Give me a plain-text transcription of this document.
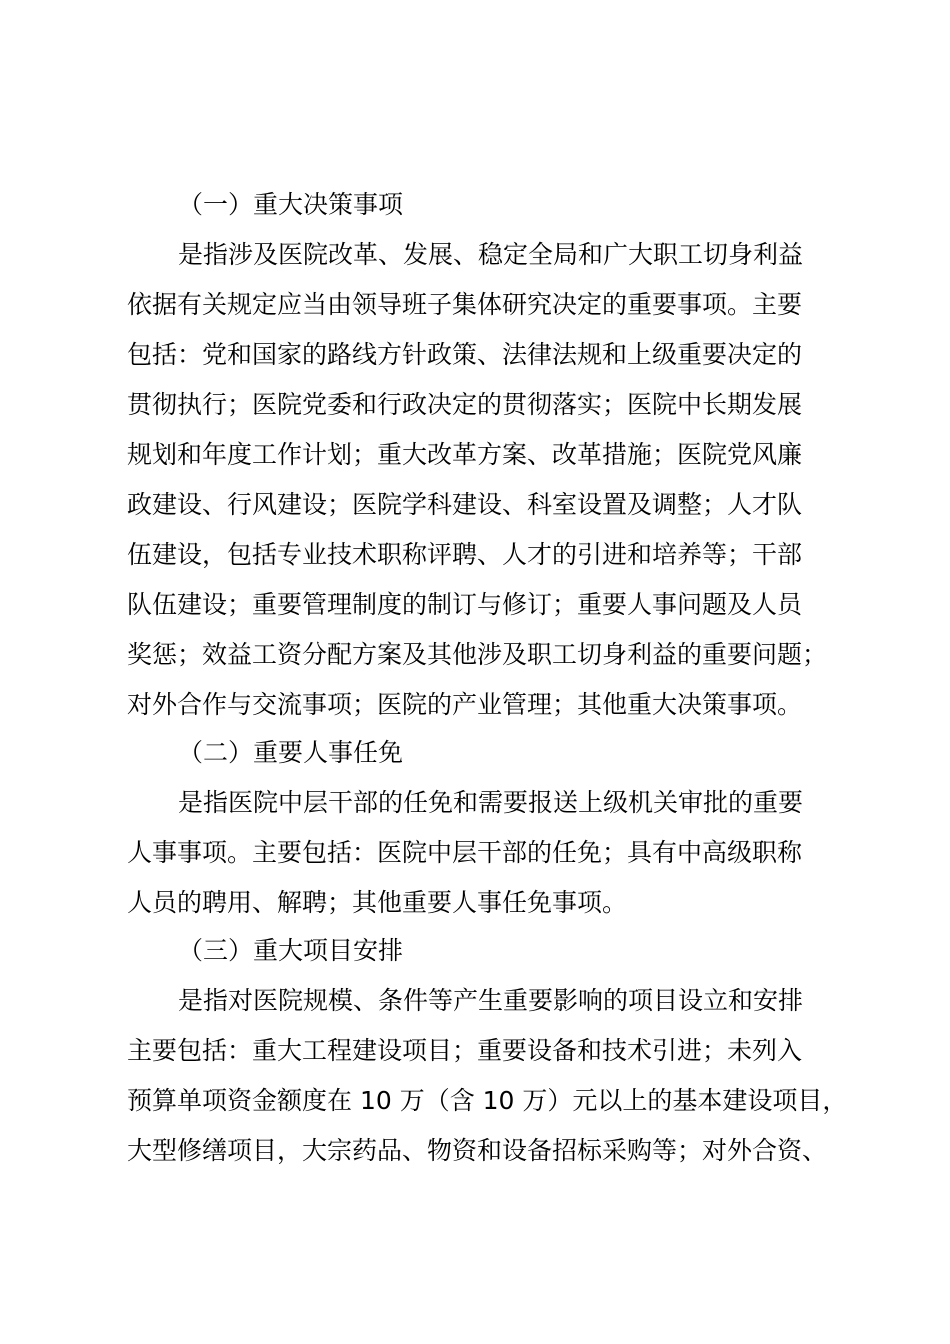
（一）重大决策事项
是指涉及医院改革、发展、稳定全局和广大职工切身利益
依据有关规定应当由领导班子集体研究决定的重要事项。主要
包括：党和国家的路线方针政策、法律法规和上级重要决定的
贯彻执行；医院党委和行政决定的贯彻落实；医院中长期发展
规划和年度工作计划；重大改革方案、改革措施；医院党风廉
政建设、行风建设；医院学科建设、科室设置及调整；人才队
伍建设，包括专业技术职称评聘、人才的引进和培养等；干部
队伍建设；重要管理制度的制订与修订；重要人事问题及人员
奖惩；效益工资分配方案及其他涉及职工切身利益的重要问题；
对外合作与交流事项；医院的产业管理；其他重大决策事项。
（二）重要人事任免
是指医院中层干部的任免和需要报送上级机关审批的重要
人事事项。主要包括：医院中层干部的任免；具有中高级职称
人员的聘用、解聘；其他重要人事任免事项。
（三）重大项目安排
是指对医院规模、条件等产生重要影响的项目设立和安排
主要包括：重大工程建设项目；重要设备和技术引进；未列入
预算单项资金额度在 10 万（含 10 万）元以上的基本建设项目，
大型修缮项目，大宗药品、物资和设备招标采购等；对外合资、
